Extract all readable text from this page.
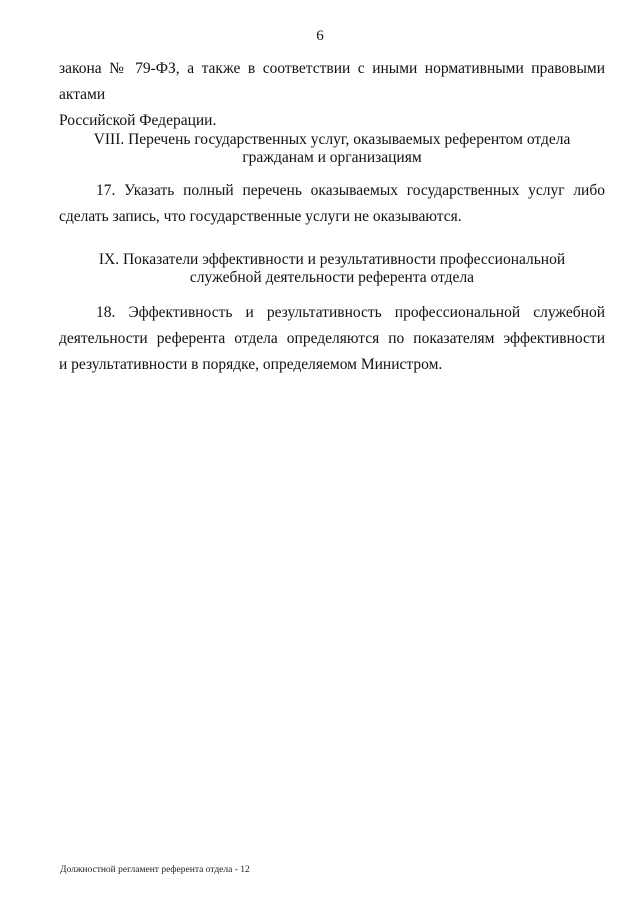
6
закона № 79-ФЗ, а также в соответствии с иными нормативными правовыми актами
Российской Федерации.
VIII. Перечень государственных услуг, оказываемых референтом отдела
гражданам и организациям
17. Указать полный перечень оказываемых государственных услуг либо
сделать запись, что государственные услуги не оказываются.
IX. Показатели эффективности и результативности профессиональной
служебной деятельности референта отдела
18. Эффективность и результативность профессиональной служебной
деятельности референта отдела определяются по показателям эффективности
и результативности в порядке, определяемом Министром.
Должностной регламент референта отдела - 12
